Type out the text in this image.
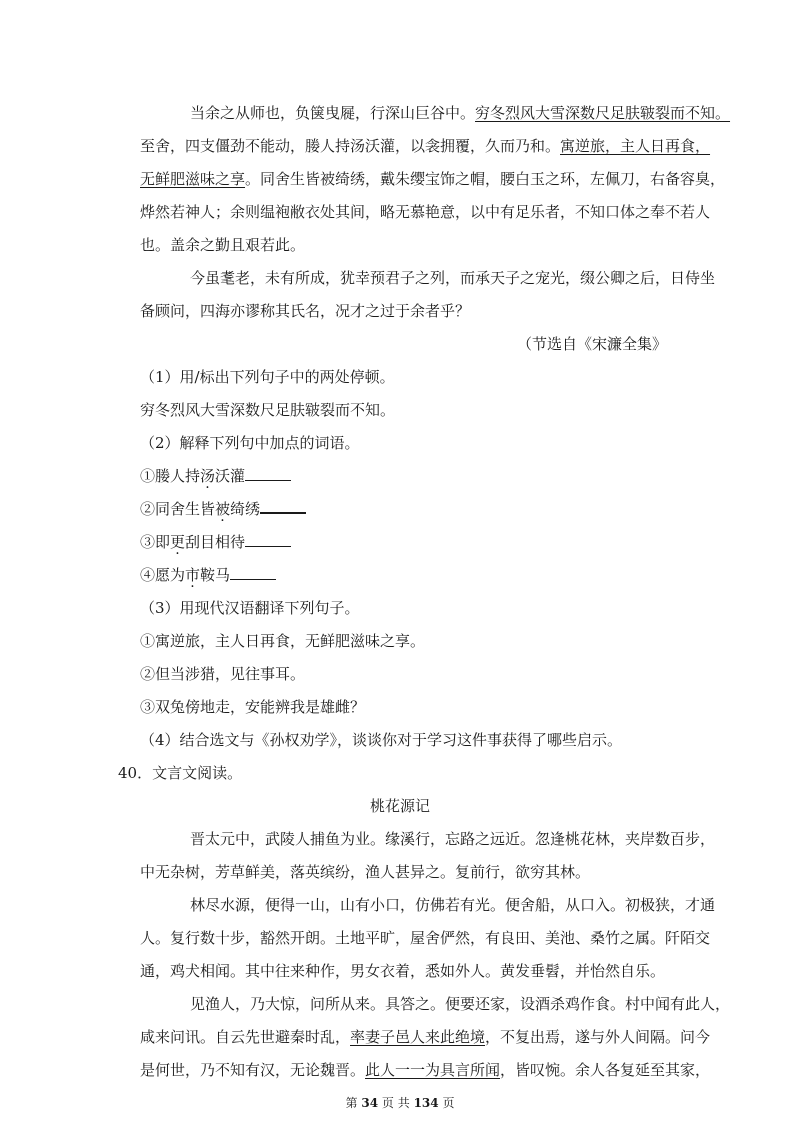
当余之从师也，负箧曳屣，行深山巨谷中。穷冬烈风大雪深数尺足肤皲裂而不知。
至舍，四支僵劲不能动，媵人持汤沃灌，以衾拥覆，久而乃和。寓逆旅，主人日再食，
无鲜肥滋味之享。同舍生皆被绮绣，戴朱缨宝饰之帽，腰白玉之环，左佩刀，右备容臭，
烨然若神人；余则缊袍敝衣处其间，略无慕艳意，以中有足乐者，不知口体之奉不若人
也。盖余之勤且艰若此。
今虽耄老，未有所成，犹幸预君子之列，而承天子之宠光，缀公卿之后，日侍坐
备顾问，四海亦谬称其氏名，况才之过于余者乎？
（节选自《宋濂全集》
（1）用/标出下列句子中的两处停顿。
穷冬烈风大雪深数尺足肤皲裂而不知。
（2）解释下列句中加点的词语。
①媵人持汤沃灌
②同舍生皆被绮绣
③即更刮目相待
④愿为市鞍马
（3）用现代汉语翻译下列句子。
①寓逆旅，主人日再食，无鲜肥滋味之享。
②但当涉猎，见往事耳。
③双兔傍地走，安能辨我是雄雌？
（4）结合选文与《孙权劝学》，谈谈你对于学习这件事获得了哪些启示。
40．文言文阅读。
桃花源记
晋太元中，武陵人捕鱼为业。缘溪行，忘路之远近。忽逢桃花林，夹岸数百步，
中无杂树，芳草鲜美，落英缤纷，渔人甚异之。复前行，欲穷其林。
林尽水源，便得一山，山有小口，仿佛若有光。便舍船，从口入。初极狭，才通
人。复行数十步，豁然开朗。土地平旷，屋舍俨然，有良田、美池、桑竹之属。阡陌交
通，鸡犬相闻。其中往来种作，男女衣着，悉如外人。黄发垂髫，并怡然自乐。
见渔人，乃大惊，问所从来。具答之。便要还家，设酒杀鸡作食。村中闻有此人，
咸来问讯。自云先世避秦时乱，率妻子邑人来此绝境，不复出焉，遂与外人间隔。问今
是何世，乃不知有汉，无论魏晋。此人一一为具言所闻，皆叹惋。余人各复延至其家，
第 34 页 共 134 页
